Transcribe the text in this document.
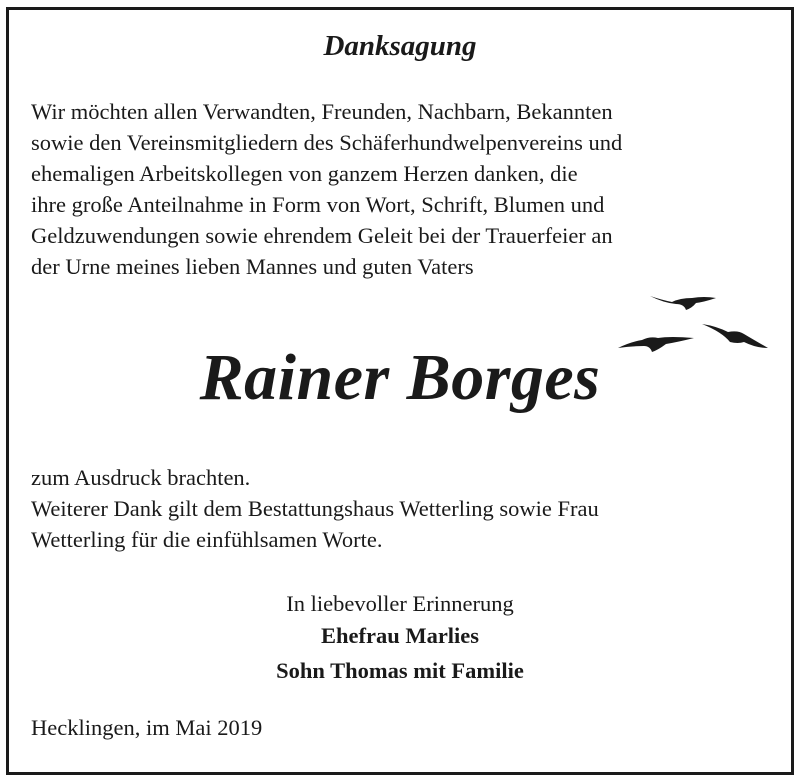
Danksagung
Wir möchten allen Verwandten, Freunden, Nachbarn, Bekannten
sowie den Vereinsmitgliedern des Schäferhundwelpenvereins und
ehemaligen Arbeitskollegen von ganzem Herzen danken, die
ihre große Anteilnahme in Form von Wort, Schrift, Blumen und
Geldzuwendungen sowie ehrendem Geleit bei der Trauerfeier an
der Urne meines lieben Mannes und guten Vaters
Rainer Borges
zum Ausdruck brachten.
Weiterer Dank gilt dem Bestattungshaus Wetterling sowie Frau
Wetterling für die einfühlsamen Worte.
In liebevoller Erinnerung
Ehefrau Marlies
Sohn Thomas mit Familie
Hecklingen, im Mai 2019
